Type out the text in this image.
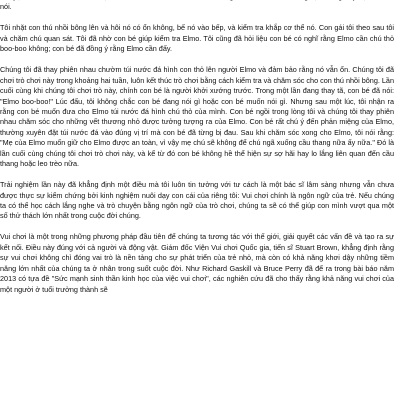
nói.

Tôi nhặt con thú nhồi bông lên và hôi nó có ổn không, bế nó vào bếp, và kiểm tra khắp cơ thể nó. Con gái tôi theo sau tôi và chăm chú quan sát. Tôi đã nhờ con bé giúp kiểm tra Elmo. Tôi cũng đã hỏi liệu con bé có nghĩ rằng Elmo cần chú thỏ boo-boo không; con bé đã đồng ý rằng Elmo cần đấy.

Chúng tôi đã thay phiên nhau chườm túi nước đá hình con thỏ lên người Elmo và đảm bảo rằng nó vẫn ổn. Chúng tôi đã chơi trò chơi này trong khoảng hai tuần, luôn kết thúc trò chơi bằng cách kiểm tra và chăm sóc cho con thú nhồi bông. Lần cuối cùng khi chúng tôi chơi trò này, chính con bé là người khởi xướng trước. Trong một lần đang thay tã, con bé đã nói: "Elmo boo-boo!" Lúc đấu, tôi không chắc con bé đang nói gì hoặc con bé muốn nói gì. Nhưng sau một lúc, tôi nhận ra rằng con bé muốn đưa cho Elmo túi nước đá hình chú thỏ của mình. Con bé ngồi trong lòng tôi và chúng tôi thay phiên nhau chăm sóc cho những vết thương nhỏ được tưởng tượng ra của Elmo. Con bé rất chú ý đến phản miệng của Elmo, thường xuyên đặt túi nước đá vào đúng vị trí mà con bé đã từng bị đau. Sau khi chăm sóc xong cho Elmo, tôi nói rằng: "Mẹ của Elmo muốn giữ cho Elmo được an toàn, vì vậy mẹ chú sẽ không để chú ngã xuống cầu thang nữa ấy nữa." Đó là lần cuối cùng chúng tôi chơi trò chơi này, và kể từ đó con bé không hề thể hiện sự sợ hãi hay lo lắng liên quan đến cầu thang hoặc leo trèo nữa.

Trải nghiệm lần này đã khẳng định một điều mà tôi luôn tin tưởng với tư cách là một bác sĩ lâm sàng nhưng vẫn chưa được thực sự kiểm chứng bởi kinh nghiệm nuôi dạy con cái của riêng tôi: Vui chơi chính là ngôn ngữ của trẻ. Nếu chúng ta có thể học cách lắng nghe và trò chuyện bằng ngôn ngữ của trò chơi, chúng ta sẽ có thể giúp con mình vượt qua một số thử thách lớn nhất trong cuộc đời chúng.

Vui chơi là một trong những phương pháp đầu tiên để chúng ta tương tác với thế giới, giải quyết các vấn đề và tạo ra sự kết nối. Điều này đúng với cả người và động vật. Giám đốc Viện Vui chơi Quốc gia, tiến sĩ Stuart Brown, khẳng định rằng sự vui chơi không chỉ đóng vai trò là nền tảng cho sự phát triển của trẻ nhỏ, mà còn có khả năng khơi dậy những tiềm năng lớn nhất của chúng ta ở nhân trong suốt cuộc đời. Như Richard Gaskill và Bruce Perry đã để ra trong bài báo năm 2013 có tựa đề "Sức mạnh sinh thần kinh học của việc vui chơi", các nghiên cứu đã cho thấy rằng khả năng vui chơi của một người ở tuổi trưởng thành sẽ
